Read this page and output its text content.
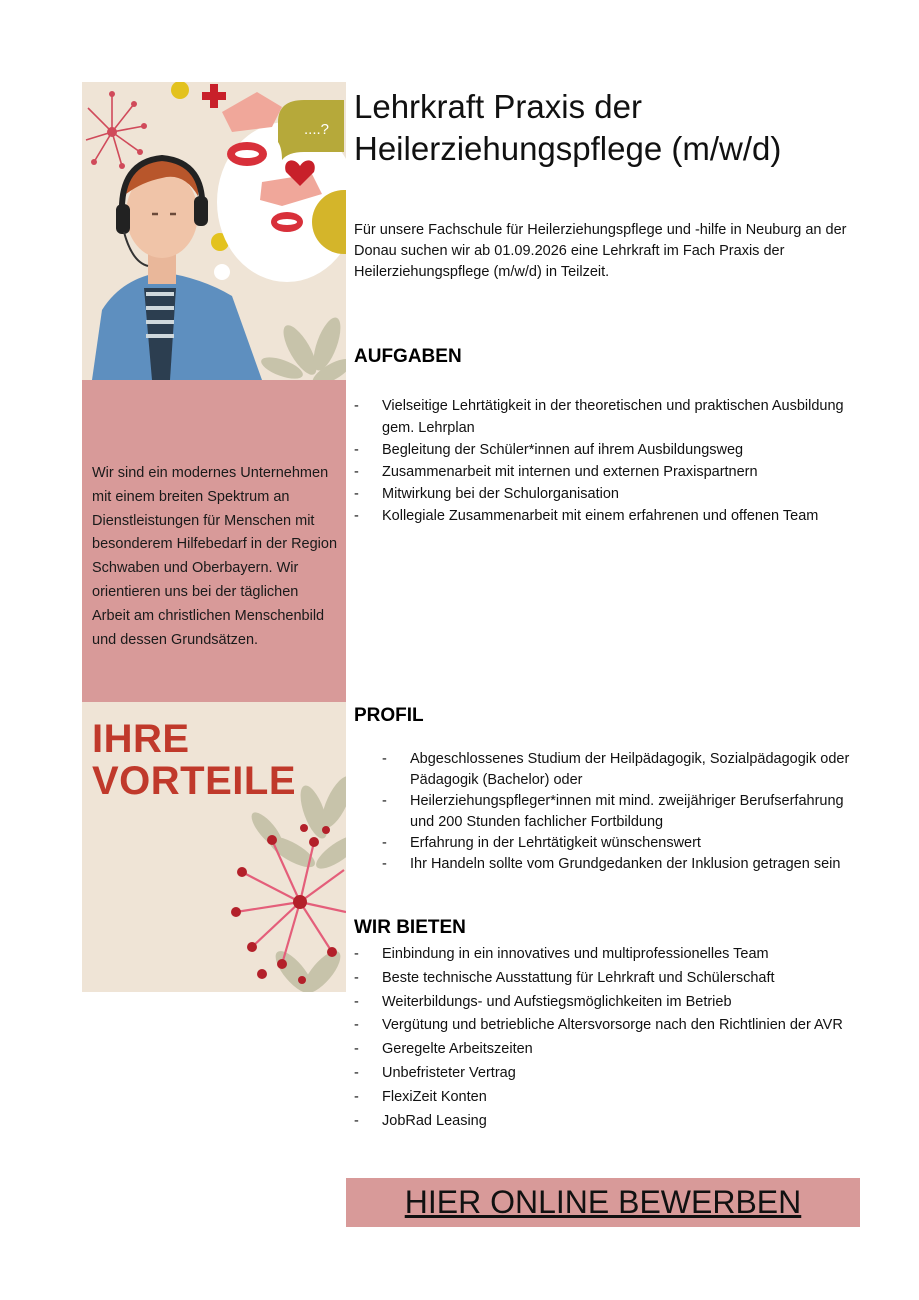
....?
Wir sind ein modernes Unternehmen mit einem breiten Spektrum an Dienstleistungen für Menschen mit besonderem Hilfebedarf in der Region Schwaben und Oberbayern. Wir orientieren uns bei der täglichen Arbeit am christlichen Menschenbild und dessen Grundsätzen.
IHRE
VORTEILE
Lehrkraft Praxis der
Heilerziehungspflege (m/w/d)

Für unsere Fachschule für Heilerziehungspflege und -hilfe in Neuburg an der Donau suchen wir ab 01.09.2026 eine Lehrkraft im Fach Praxis der Heilerziehungspflege (m/w/d) in Teilzeit.

AUFGABEN
- Vielseitige Lehrtätigkeit in der theoretischen und praktischen Ausbildung gem. Lehrplan
- Begleitung der Schüler*innen auf ihrem Ausbildungsweg
- Zusammenarbeit mit internen und externen Praxispartnern
- Mitwirkung bei der Schulorganisation
- Kollegiale Zusammenarbeit mit einem erfahrenen und offenen Team
PROFIL
- Abgeschlossenes Studium der Heilpädagogik, Sozialpädagogik oder Pädagogik (Bachelor) oder
- Heilerziehungspfleger*innen mit mind. zweijähriger Berufserfahrung und 200 Stunden fachlicher Fortbildung
- Erfahrung in der Lehrtätigkeit wünschenswert
- Ihr Handeln sollte vom Grundgedanken der Inklusion getragen sein
WIR BIETEN
- Einbindung in ein innovatives und multiprofessionelles Team
- Beste technische Ausstattung für Lehrkraft und Schülerschaft
- Weiterbildungs- und Aufstiegsmöglichkeiten im Betrieb
- Vergütung und betriebliche Altersvorsorge nach den Richtlinien der AVR
- Geregelte Arbeitszeiten
- Unbefristeter Vertrag
- FlexiZeit Konten
- JobRad Leasing
HIER ONLINE BEWERBEN
